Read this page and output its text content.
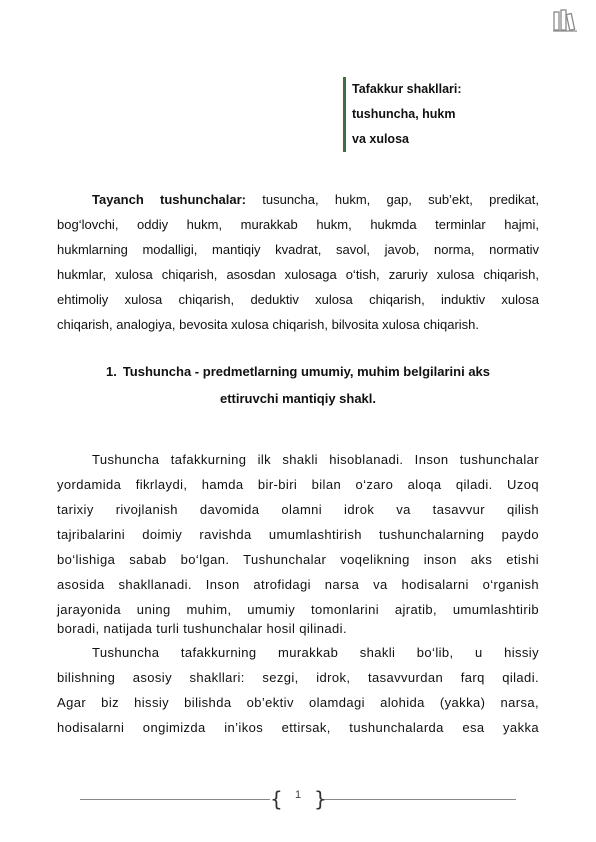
Tafakkur shakllari:
tushuncha, hukm
va xulosa
Tayanch tushunchalar: tusuncha, hukm, gap, sub’ekt, predikat,
bog‘lovchi, oddiy hukm, murakkab hukm, hukmda terminlar hajmi,
hukmlarning modalligi, mantiqiy kvadrat, savol, javob, norma, normativ
hukmlar, xulosa chiqarish, asosdan xulosaga o‘tish, zaruriy xulosa chiqarish,
ehtimoliy xulosa chiqarish, deduktiv xulosa chiqarish, induktiv xulosa
chiqarish, analogiya, bevosita xulosa chiqarish, bilvosita xulosa chiqarish.
1. Tushuncha - predmetlarning umumiy, muhim belgilarini aks
ettiruvchi mantiqiy shakl.
Tushuncha tafakkurning ilk shakli hisoblanadi. Inson tushunchalar
yordamida fikrlaydi, hamda bir-biri bilan o‘zaro aloqa qiladi. Uzoq
tarixiy rivojlanish davomida olamni idrok va tasavvur qilish
tajribalarini doimiy ravishda umumlashtirish tushunchalarning paydo
bo‘lishiga sabab bo‘lgan. Tushunchalar voqelikning inson aks etishi
asosida shakllanadi. Inson atrofidagi narsa va hodisalarni o‘rganish
jarayonida uning muhim, umumiy tomonlarini ajratib, umumlashtirib
boradi, natijada turli tushunchalar hosil qilinadi.
Tushuncha tafakkurning murakkab shakli bo‘lib, u hissiy
bilishning asosiy shakllari: sezgi, idrok, tasavvurdan farq qiladi.
Agar biz hissiy bilishda ob’ektiv olamdagi alohida (yakka) narsa,
hodisalarni ongimizda in’ikos ettirsak, tushunchalarda esa yakka
{ }
1
